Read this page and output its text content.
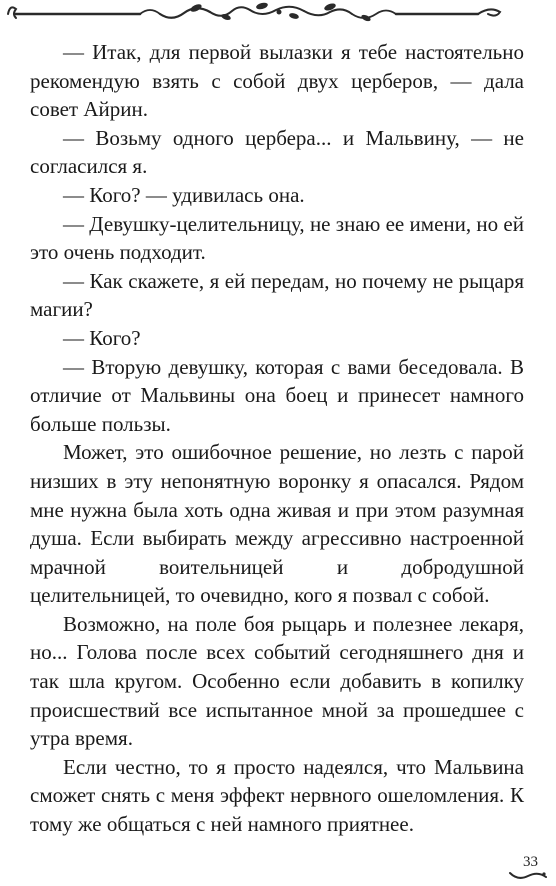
— Итак, для первой вылазки я тебе настоятельно рекомендую взять с собой двух церберов, — дала совет Айрин.

— Возьму одного цербера... и Мальвину, — не согласился я.

— Кого? — удивилась она.

— Девушку-целительницу, не знаю ее имени, но ей это очень подходит.

— Как скажете, я ей передам, но почему не рыцаря магии?

— Кого?

— Вторую девушку, которая с вами беседовала. В отличие от Мальвины она боец и принесет намного больше пользы.

Может, это ошибочное решение, но лезть с парой низших в эту непонятную воронку я опасался. Рядом мне нужна была хоть одна живая и при этом разумная душа. Если выбирать между агрессивно настроенной мрачной воительницей и добродушной целительницей, то очевидно, кого я позвал с собой.

Возможно, на поле боя рыцарь и полезнее лекаря, но... Голова после всех событий сегодняшнего дня и так шла кругом. Особенно если добавить в копилку происшествий все испытанное мной за прошедшее с утра время.

Если честно, то я просто надеялся, что Мальвина сможет снять с меня эффект нервного ошеломления. К тому же общаться с ней намного приятнее.

33
